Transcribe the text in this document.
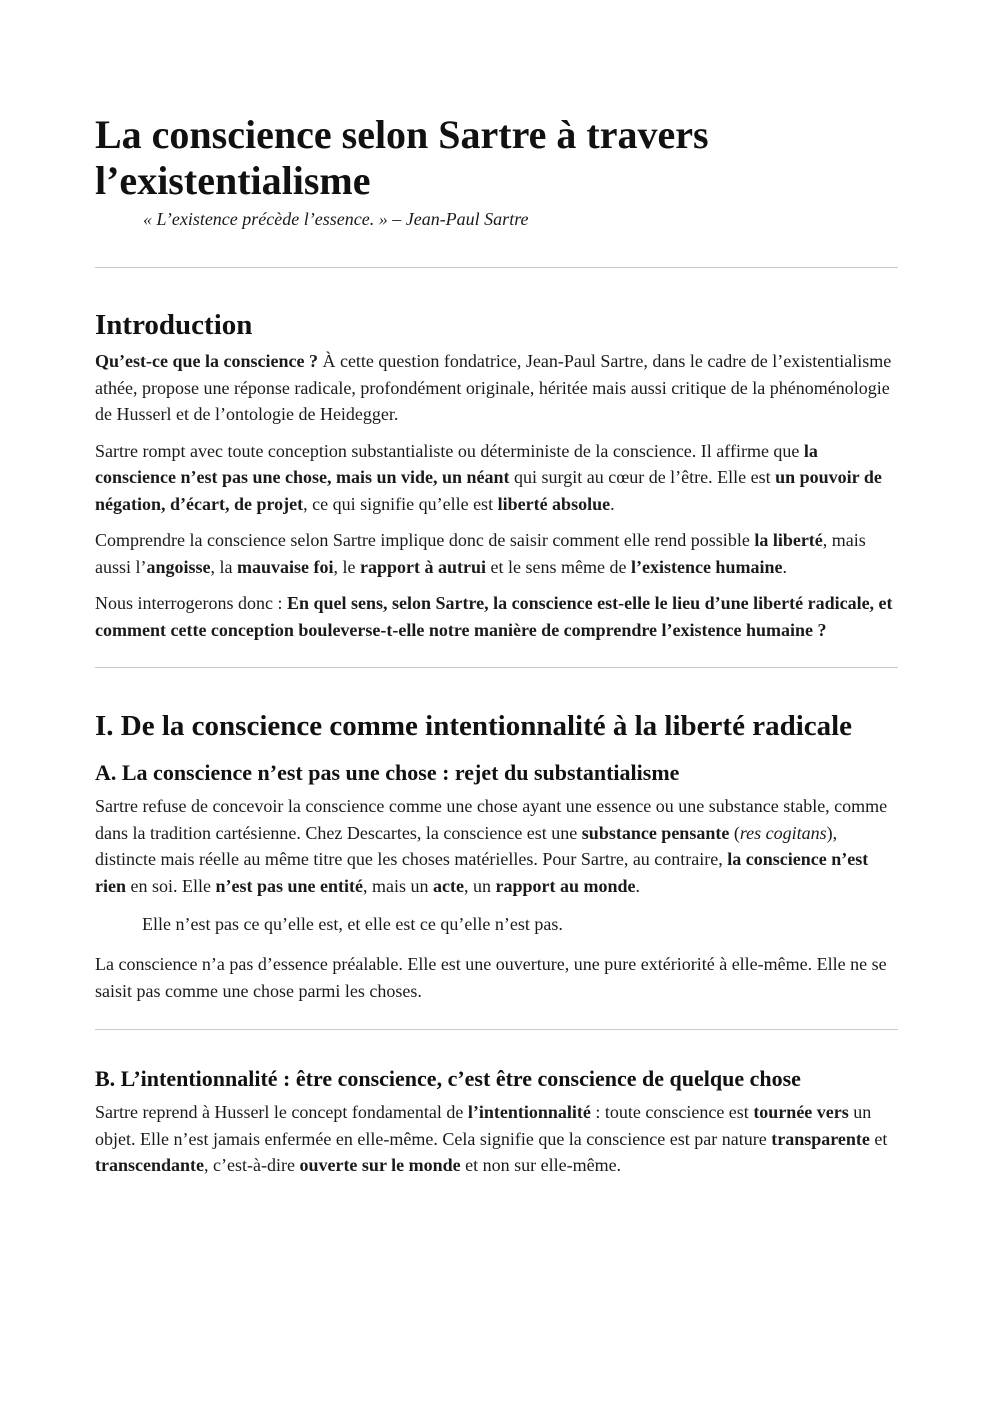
La conscience selon Sartre à travers l’existentialisme
« L’existence précède l’essence. » – Jean-Paul Sartre
Introduction

Qu’est-ce que la conscience ? À cette question fondatrice, Jean-Paul Sartre, dans le cadre de l’existentialisme athée, propose une réponse radicale, profondément originale, héritée mais aussi critique de la phénoménologie de Husserl et de l’ontologie de Heidegger.

Sartre rompt avec toute conception substantialiste ou déterministe de la conscience. Il affirme que la conscience n’est pas une chose, mais un vide, un néant qui surgit au cœur de l’être. Elle est un pouvoir de négation, d’écart, de projet, ce qui signifie qu’elle est liberté absolue.

Comprendre la conscience selon Sartre implique donc de saisir comment elle rend possible la liberté, mais aussi l’angoisse, la mauvaise foi, le rapport à autrui et le sens même de l’existence humaine.

Nous interrogerons donc : En quel sens, selon Sartre, la conscience est-elle le lieu d’une liberté radicale, et comment cette conception bouleverse-t-elle notre manière de comprendre l’existence humaine ?

I. De la conscience comme intentionnalité à la liberté radicale
A. La conscience n’est pas une chose : rejet du substantialisme

Sartre refuse de concevoir la conscience comme une chose ayant une essence ou une substance stable, comme dans la tradition cartésienne. Chez Descartes, la conscience est une substance pensante (res cogitans), distincte mais réelle au même titre que les choses matérielles. Pour Sartre, au contraire, la conscience n’est rien en soi. Elle n’est pas une entité, mais un acte, un rapport au monde.

Elle n’est pas ce qu’elle est, et elle est ce qu’elle n’est pas.

La conscience n’a pas d’essence préalable. Elle est une ouverture, une pure extériorité à elle-même. Elle ne se saisit pas comme une chose parmi les choses.

B. L’intentionnalité : être conscience, c’est être conscience de quelque chose

Sartre reprend à Husserl le concept fondamental de l’intentionnalité : toute conscience est tournée vers un objet. Elle n’est jamais enfermée en elle-même. Cela signifie que la conscience est par nature transparente et transcendante, c’est-à-dire ouverte sur le monde et non sur elle-même.
